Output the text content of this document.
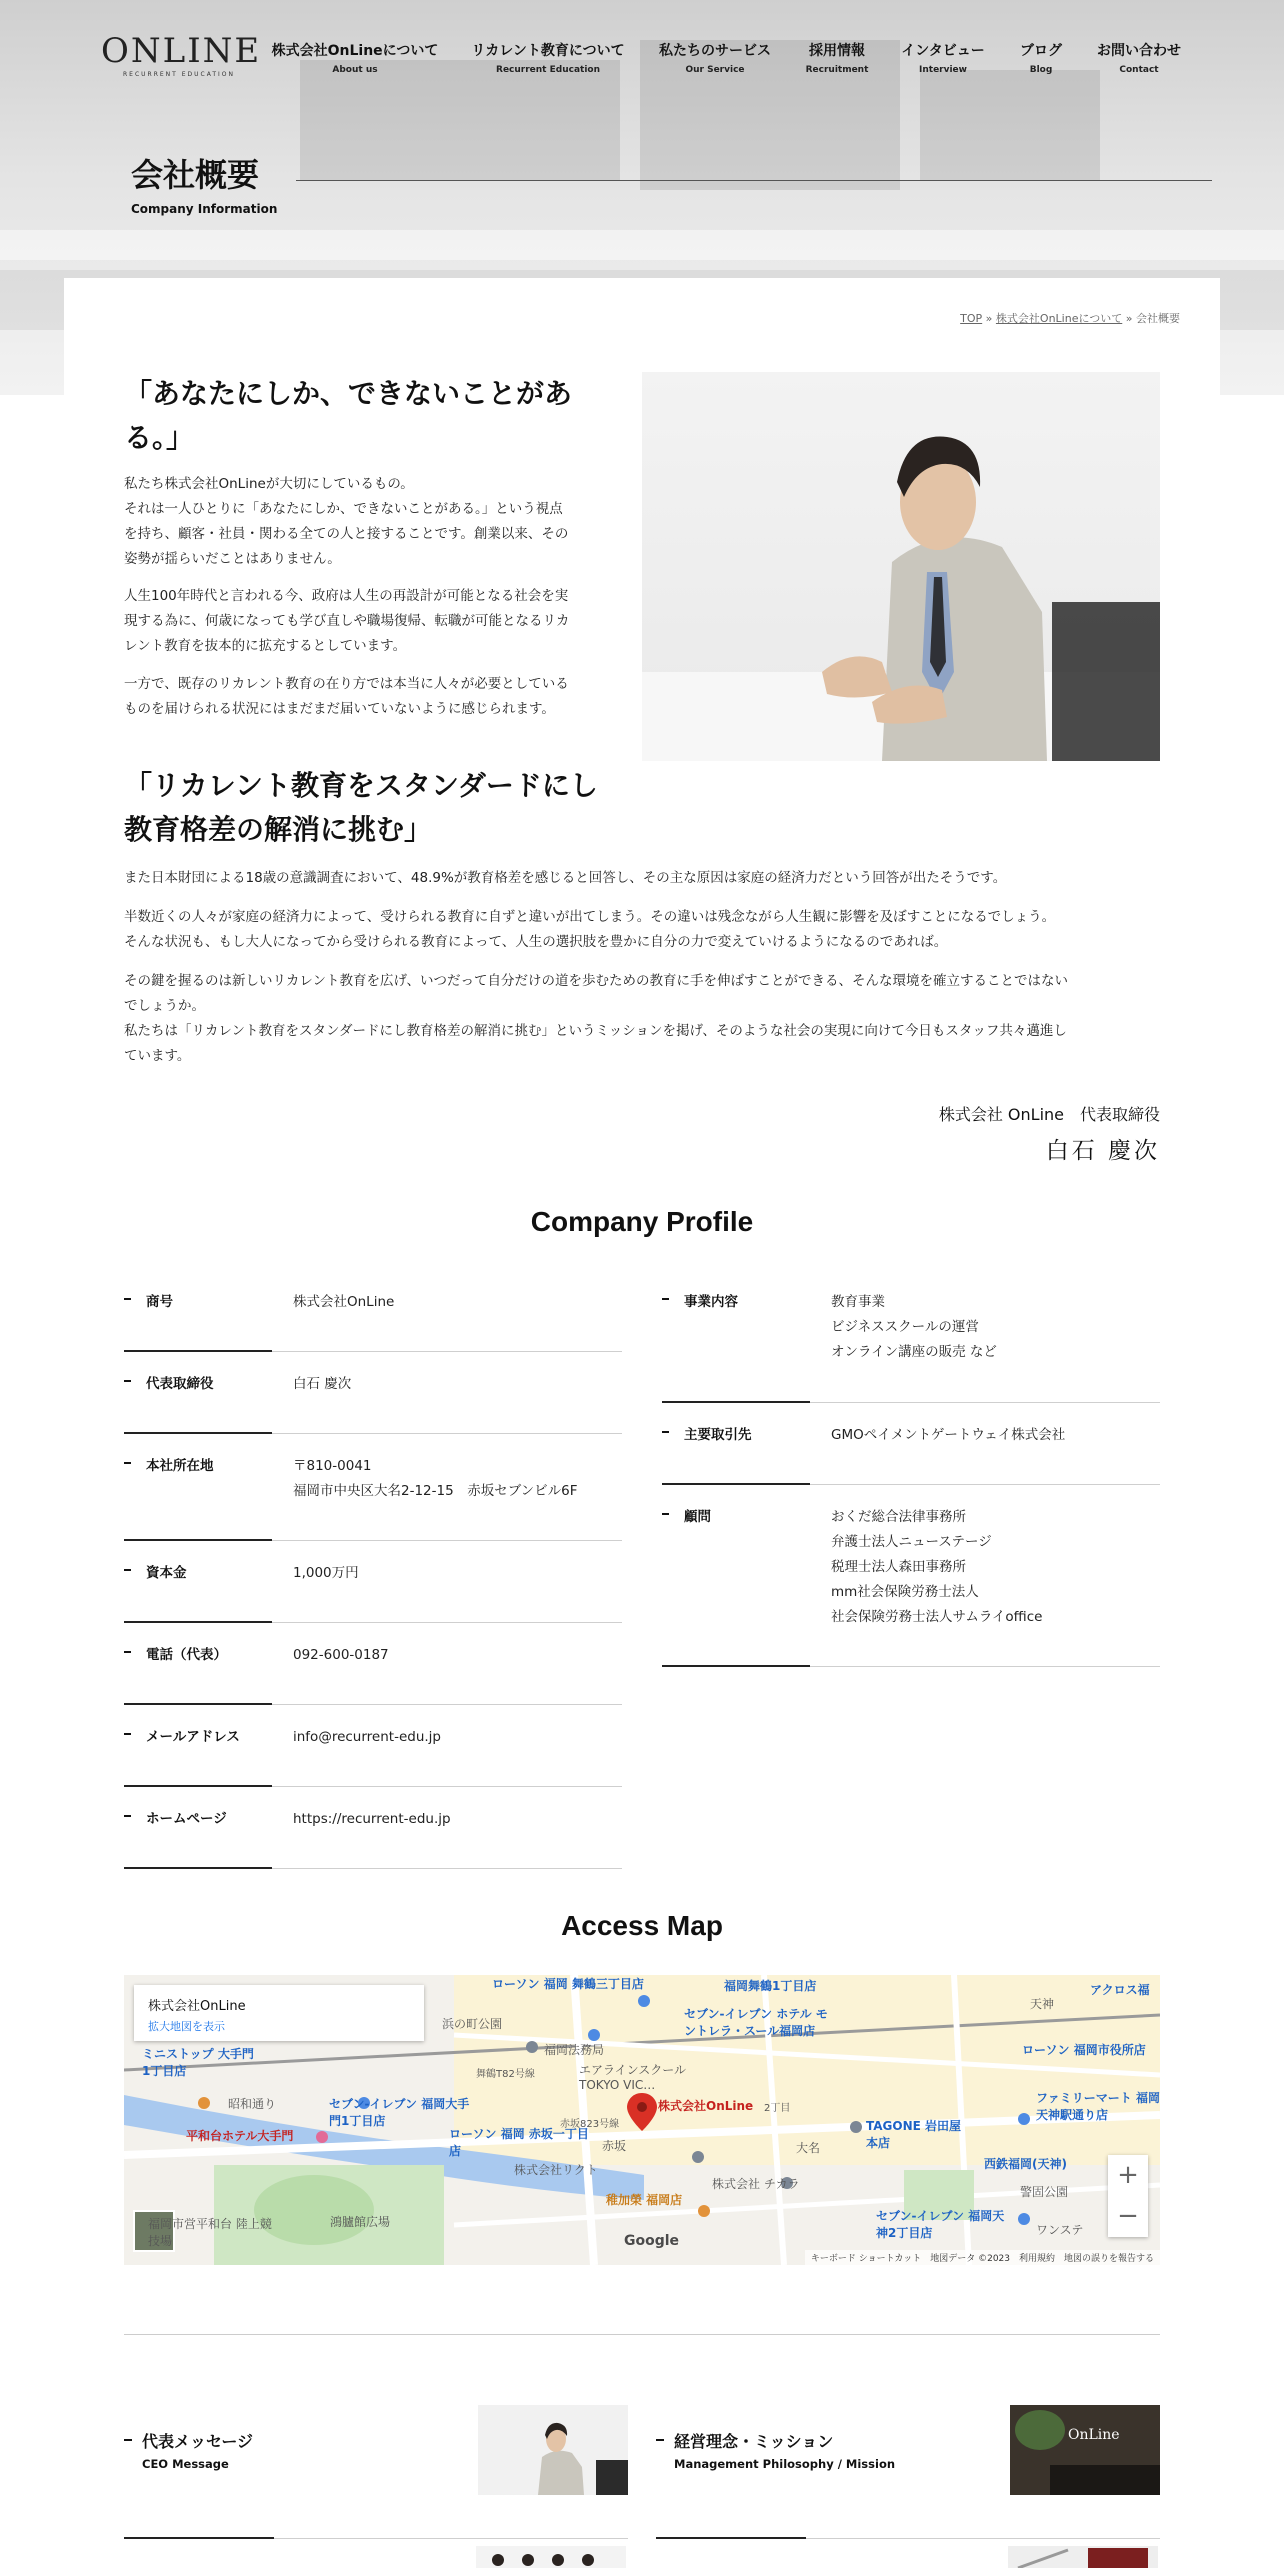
ONLINE
RECURRENT EDUCATION
株式会社OnLineについて
About us
リカレント教育について
Recurrent Education
私たちのサービス
Our Service
採用情報
Recruitment
インタビュー
Interview
ブログ
Blog
お問い合わせ
Contact
会社概要
Company Information
TOP » 株式会社OnLineについて » 会社概要
「あなたにしか、できないことがあ
る。」
私たち株式会社OnLineが大切にしているもの。
それは一人ひとりに「あなたにしか、できないことがある。」という視点
を持ち、顧客・社員・関わる全ての人と接することです。創業以来、その
姿勢が揺らいだことはありません。
人生100年時代と言われる今、政府は人生の再設計が可能となる社会を実
現する為に、何歳になっても学び直しや職場復帰、転職が可能となるリカ
レント教育を抜本的に拡充するとしています。
一方で、既存のリカレント教育の在り方では本当に人々が必要としている
ものを届けられる状況にはまだまだ届いていないように感じられます。
「リカレント教育をスタンダードにし
教育格差の解消に挑む」
また日本財団による18歳の意識調査において、48.9%が教育格差を感じると回答し、その主な原因は家庭の経済力だという回答が出たそうです。
半数近くの人々が家庭の経済力によって、受けられる教育に自ずと違いが出てしまう。その違いは残念ながら人生観に影響を及ぼすことになるでしょう。
そんな状況も、もし大人になってから受けられる教育によって、人生の選択肢を豊かに自分の力で変えていけるようになるのであれば。
その鍵を握るのは新しいリカレント教育を広げ、いつだって自分だけの道を歩むための教育に手を伸ばすことができる、そんな環境を確立することではない
でしょうか。
私たちは「リカレント教育をスタンダードにし教育格差の解消に挑む」というミッションを掲げ、そのような社会の実現に向けて今日もスタッフ共々邁進し
ています。
株式会社 OnLine　代表取締役
白石 慶次
Company Profile
商号	株式会社OnLine
代表取締役	白石 慶次
本社所在地	〒810-0041
福岡市中央区大名2-12-15　赤坂セブンビル6F
資本金	1,000万円
電話（代表）	092-600-0187
メールアドレス	info@recurrent-edu.jp
ホームページ	https://recurrent-edu.jp
事業内容	教育事業
ビジネススクールの運営
オンライン講座の販売 など
主要取引先	GMOペイメントゲートウェイ株式会社
顧問	おくだ総合法律事務所
弁護士法人ニューステージ
税理士法人森田事務所
mm社会保険労務士法人
社会保険労務士法人サムライoffice
Access Map
ローソン 福岡 舞鶴三丁目店	福岡舞鶴1丁目店	アクロス福
セブン-イレブン ホテル モントレラ・スール福岡店
福岡法務局
エアラインスクール TOKYO VIC…
浜の町公園
ミニストップ 大手門1丁目店
セブン-イレブン 福岡大手門1丁目店
ローソン 福岡 赤坂一丁目店
平和台ホテル大手門
ローソン 福岡市役所店
ファミリーマート 福岡天神駅通り店
TAGONE 岩田屋本店
株式会社リクト
稚加榮 福岡店
株式会社 チカラ
西鉄福岡(天神)
セブン-イレブン 福岡天神2丁目店	ワンステ
鴻臚館広場
福岡市営平和台 陸上競技場
赤坂	大名
天神
昭和通り
舞鶴T82号線
赤坂823号線
2丁目
警固公園
株式会社OnLine
株式会社OnLine
拡大地図を表示
+
−
Google
キーボード ショートカット　地図データ ©2023　利用規約　地図の誤りを報告する
代表メッセージ
CEO Message
経営理念・ミッション
Management Philosophy / Mission
OnLine
